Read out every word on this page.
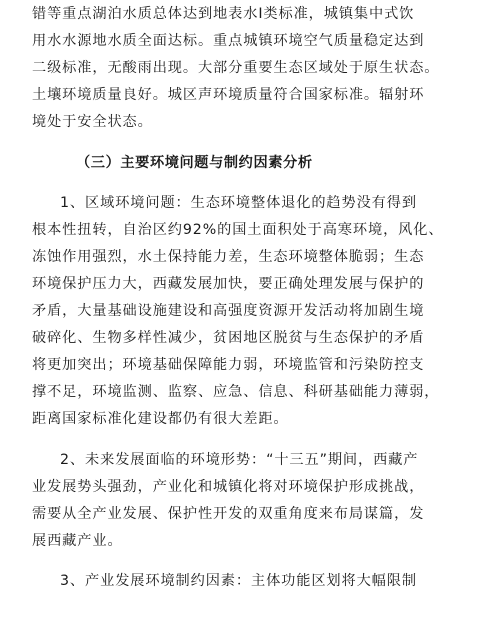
错等重点湖泊水质总体达到地表水Ⅰ类标准，城镇集中式饮
用水水源地水质全面达标。重点城镇环境空气质量稳定达到
二级标准，无酸雨出现。大部分重要生态区域处于原生状态。
土壤环境质量良好。城区声环境质量符合国家标准。辐射环
境处于安全状态。
（三）主要环境问题与制约因素分析
1、区域环境问题：生态环境整体退化的趋势没有得到
根本性扭转，自治区约92%的国土面积处于高寒环境，风化、
冻蚀作用强烈，水土保持能力差，生态环境整体脆弱；生态
环境保护压力大，西藏发展加快，要正确处理发展与保护的
矛盾，大量基础设施建设和高强度资源开发活动将加剧生境
破碎化、生物多样性减少，贫困地区脱贫与生态保护的矛盾
将更加突出；环境基础保障能力弱，环境监管和污染防控支
撑不足，环境监测、监察、应急、信息、科研基础能力薄弱，
距离国家标准化建设都仍有很大差距。
2、未来发展面临的环境形势：“十三五”期间，西藏产
业发展势头强劲，产业化和城镇化将对环境保护形成挑战，
需要从全产业发展、保护性开发的双重角度来布局谋篇，发
展西藏产业。
3、产业发展环境制约因素：主体功能区划将大幅限制
